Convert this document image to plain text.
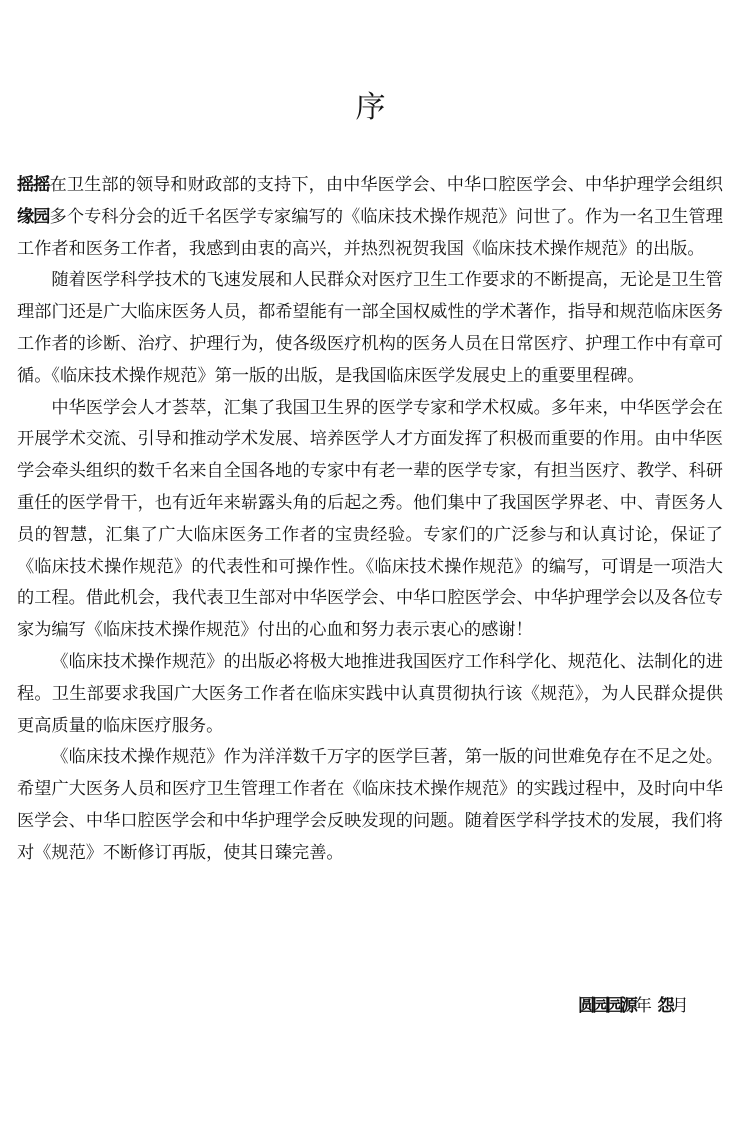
序

摇摇在卫生部的领导和财政部的支持下，由中华医学会、中华口腔医学会、中华护理学会组织缘园多个专科分会的近千名医学专家编写的《临床技术操作规范》问世了。作为一名卫生管理工作者和医务工作者，我感到由衷的高兴，并热烈祝贺我国《临床技术操作规范》的出版。

随着医学科学技术的飞速发展和人民群众对医疗卫生工作要求的不断提高，无论是卫生管理部门还是广大临床医务人员，都希望能有一部全国权威性的学术著作，指导和规范临床医务工作者的诊断、治疗、护理行为，使各级医疗机构的医务人员在日常医疗、护理工作中有章可循。《临床技术操作规范》第一版的出版，是我国临床医学发展史上的重要里程碑。

中华医学会人才荟萃，汇集了我国卫生界的医学专家和学术权威。多年来，中华医学会在开展学术交流、引导和推动学术发展、培养医学人才方面发挥了积极而重要的作用。由中华医学会牵头组织的数千名来自全国各地的专家中有老一辈的医学专家，有担当医疗、教学、科研重任的医学骨干，也有近年来崭露头角的后起之秀。他们集中了我国医学界老、中、青医务人员的智慧，汇集了广大临床医务工作者的宝贵经验。专家们的广泛参与和认真讨论，保证了《临床技术操作规范》的代表性和可操作性。《临床技术操作规范》的编写，可谓是一项浩大的工程。借此机会，我代表卫生部对中华医学会、中华口腔医学会、中华护理学会以及各位专家为编写《临床技术操作规范》付出的心血和努力表示衷心的感谢！

《临床技术操作规范》的出版必将极大地推进我国医疗工作科学化、规范化、法制化的进程。卫生部要求我国广大医务工作者在临床实践中认真贯彻执行该《规范》，为人民群众提供更高质量的临床医疗服务。

《临床技术操作规范》作为洋洋数千万字的医学巨著，第一版的问世难免存在不足之处。希望广大医务人员和医疗卫生管理工作者在《临床技术操作规范》的实践过程中，及时向中华医学会、中华口腔医学会和中华护理学会反映发现的问题。随着医学科学技术的发展，我们将对《规范》不断修订再版，使其日臻完善。

圆园园源年 怨月
